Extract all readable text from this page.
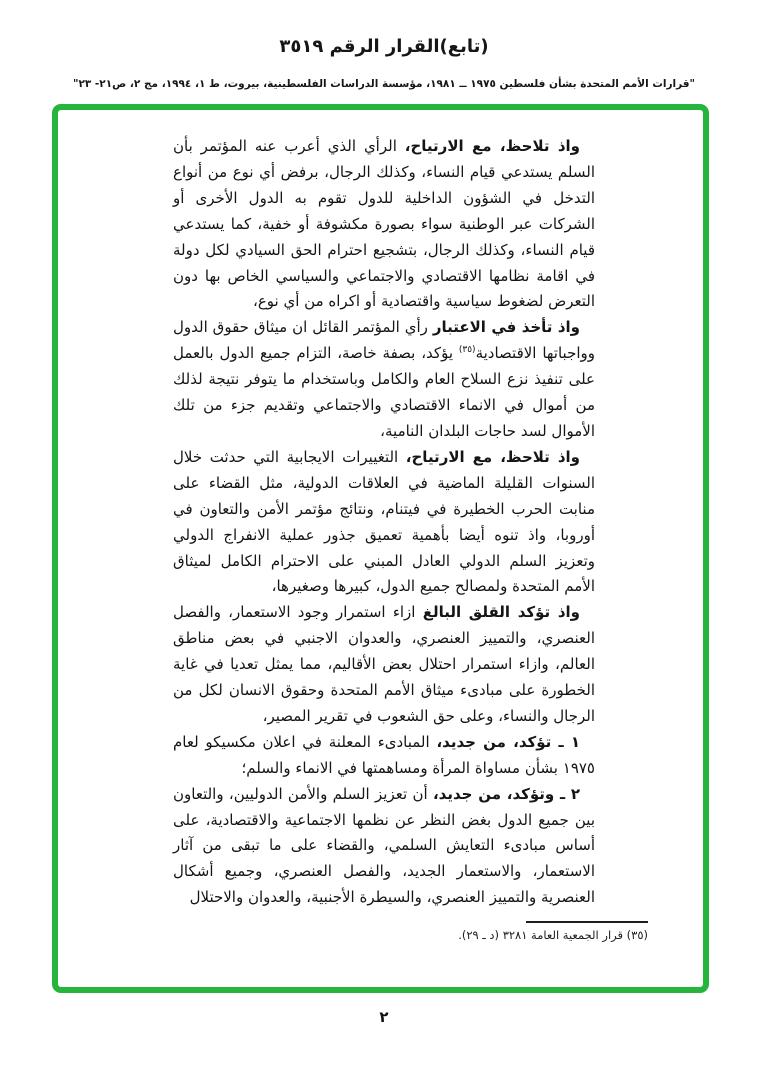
(تابع)القرار الرقم ٣٥١٩
"قرارات الأمم المتحدة بشأن فلسطين ١٩٧٥ ــ ١٩٨١، مؤسسة الدراسات الفلسطينية، بيروت، ط ١، ١٩٩٤، مج ٢، ص٢١- ٢٣"

واذ تلاحظ، مع الارتياح، الرأي الذي أعرب عنه المؤتمر بأن السلم يستدعي قيام النساء، وكذلك الرجال، برفض أي نوع من أنواع التدخل في الشؤون الداخلية للدول تقوم به الدول الأخرى أو الشركات عبر الوطنية سواء بصورة مكشوفة أو خفية، كما يستدعي قيام النساء، وكذلك الرجال، بتشجيع احترام الحق السيادي لكل دولة في اقامة نظامها الاقتصادي والاجتماعي والسياسي الخاص بها دون التعرض لضغوط سياسية واقتصادية أو اكراه من أي نوع،

واذ تأخذ في الاعتبار رأي المؤتمر القائل ان ميثاق حقوق الدول وواجباتها الاقتصادية$^{(٣٥)}$ يؤكد، بصفة خاصة، التزام جميع الدول بالعمل على تنفيذ نزع السلاح العام والكامل وباستخدام ما يتوفر نتيجة لذلك من أموال في الانماء الاقتصادي والاجتماعي وتقديم جزء من تلك الأموال لسد حاجات البلدان النامية،

واذ تلاحظ، مع الارتياح، التغييرات الايجابية التي حدثت خلال السنوات القليلة الماضية في العلاقات الدولية، مثل القضاء على منابت الحرب الخطيرة في فيتنام، ونتائج مؤتمر الأمن والتعاون في أوروبا، واذ تنوه أيضا بأهمية تعميق جذور عملية الانفراج الدولي وتعزيز السلم الدولي العادل المبني على الاحترام الكامل لميثاق الأمم المتحدة ولمصالح جميع الدول، كبيرها وصغيرها،

واذ تؤكد القلق البالغ ازاء استمرار وجود الاستعمار، والفصل العنصري، والتمييز العنصري، والعدوان الاجنبي في بعض مناطق العالم، وازاء استمرار احتلال بعض الأقاليم، مما يمثل تعديا في غاية الخطورة على مبادىء ميثاق الأمم المتحدة وحقوق الانسان لكل من الرجال والنساء، وعلى حق الشعوب في تقرير المصير،

١ ـ تؤكد، من جديد، المبادىء المعلنة في اعلان مكسيكو لعام ١٩٧٥ بشأن مساواة المرأة ومساهمتها في الانماء والسلم؛

٢ ـ وتؤكد، من جديد، أن تعزيز السلم والأمن الدوليين، والتعاون بين جميع الدول بغض النظر عن نظمها الاجتماعية والاقتصادية، على أساس مبادىء التعايش السلمي، والقضاء على ما تبقى من آثار الاستعمار، والاستعمار الجديد، والفصل العنصري، وجميع أشكال العنصرية والتمييز العنصري، والسيطرة الأجنبية، والعدوان والاحتلال

(٣٥) قرار الجمعية العامة ٣٢٨١ (د ـ ٢٩).
٢
